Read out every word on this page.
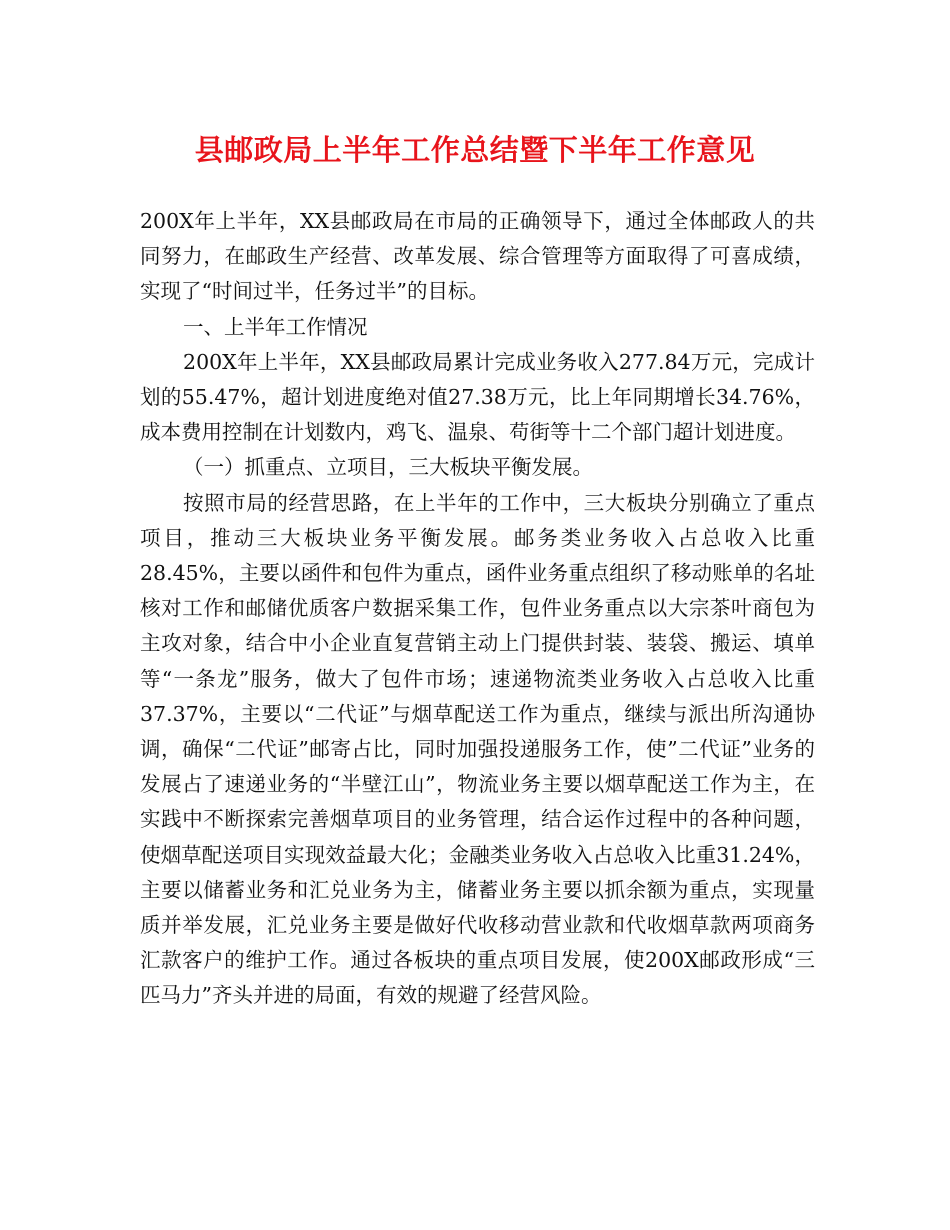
县邮政局上半年工作总结暨下半年工作意见

200X年上半年，XX县邮政局在市局的正确领导下，通过全体邮政人的共同努力，在邮政生产经营、改革发展、综合管理等方面取得了可喜成绩，实现了“时间过半，任务过半”的目标。

一、上半年工作情况

200X年上半年，XX县邮政局累计完成业务收入277.84万元，完成计划的55.47%，超计划进度绝对值27.38万元，比上年同期增长34.76%，成本费用控制在计划数内，鸡飞、温泉、苟街等十二个部门超计划进度。

（一）抓重点、立项目，三大板块平衡发展。

按照市局的经营思路，在上半年的工作中，三大板块分别确立了重点项目，推动三大板块业务平衡发展。邮务类业务收入占总收入比重28.45%，主要以函件和包件为重点，函件业务重点组织了移动账单的名址核对工作和邮储优质客户数据采集工作，包件业务重点以大宗茶叶商包为主攻对象，结合中小企业直复营销主动上门提供封装、装袋、搬运、填单等“一条龙”服务，做大了包件市场；速递物流类业务收入占总收入比重37.37%，主要以“二代证”与烟草配送工作为重点，继续与派出所沟通协调，确保“二代证”邮寄占比，同时加强投递服务工作，使”二代证”业务的发展占了速递业务的“半壁江山”，物流业务主要以烟草配送工作为主，在实践中不断探索完善烟草项目的业务管理，结合运作过程中的各种问题，使烟草配送项目实现效益最大化；金融类业务收入占总收入比重31.24%，主要以储蓄业务和汇兑业务为主，储蓄业务主要以抓余额为重点，实现量质并举发展，汇兑业务主要是做好代收移动营业款和代收烟草款两项商务汇款客户的维护工作。通过各板块的重点项目发展，使200X邮政形成“三匹马力”齐头并进的局面，有效的规避了经营风险。
